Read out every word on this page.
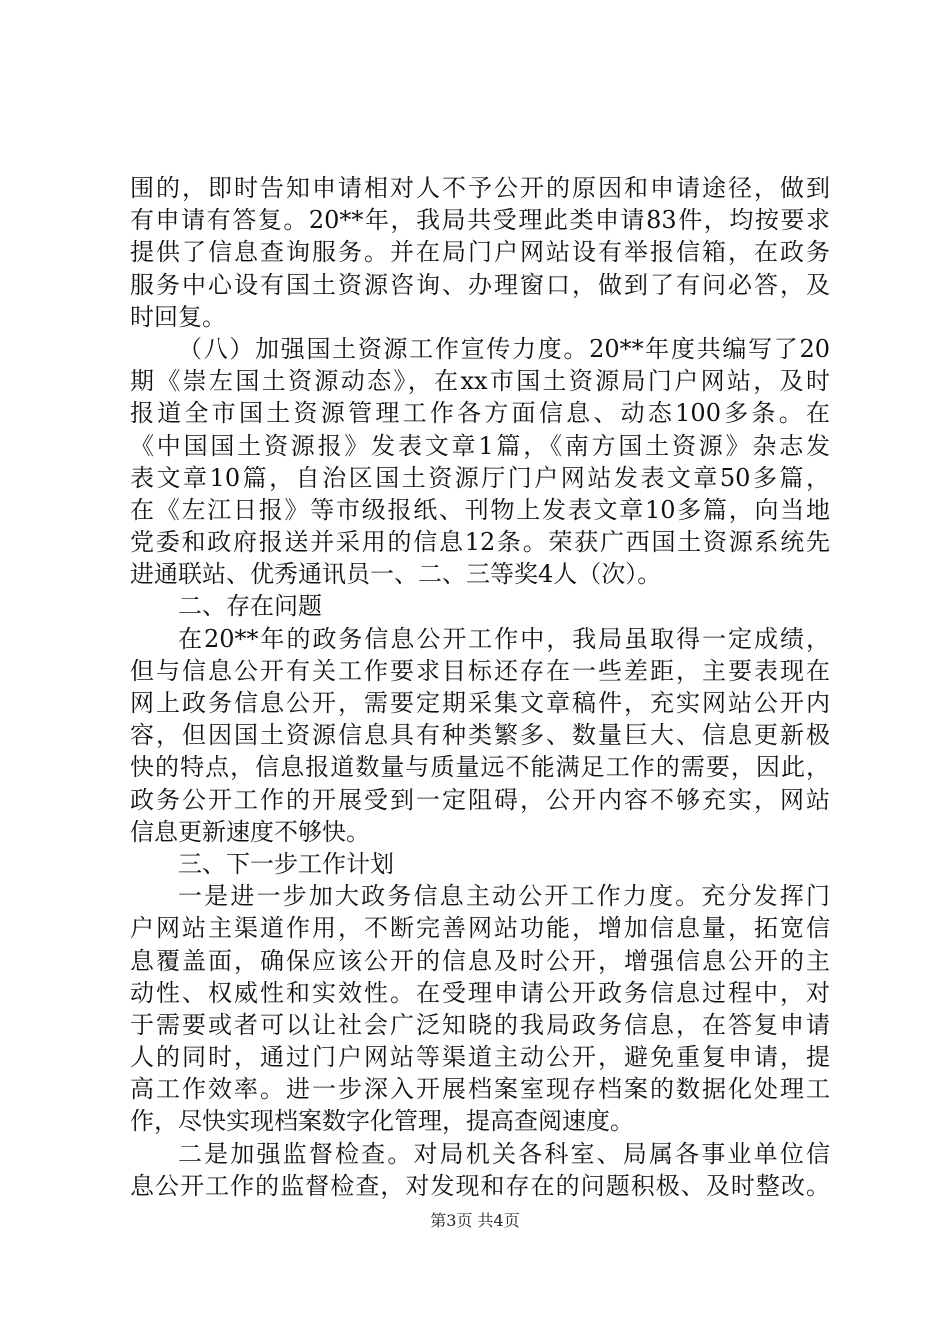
围的，即时告知申请相对人不予公开的原因和申请途径，做到
有申请有答复。20**年，我局共受理此类申请83件，均按要求
提供了信息查询服务。并在局门户网站设有举报信箱，在政务
服务中心设有国土资源咨询、办理窗口，做到了有问必答，及
时回复。
（八）加强国土资源工作宣传力度。20**年度共编写了20
期《崇左国土资源动态》，在xx市国土资源局门户网站，及时
报道全市国土资源管理工作各方面信息、动态100多条。在
《中国国土资源报》发表文章1篇，《南方国土资源》杂志发
表文章10篇，自治区国土资源厅门户网站发表文章50多篇，
在《左江日报》等市级报纸、刊物上发表文章10多篇，向当地
党委和政府报送并采用的信息12条。荣获广西国土资源系统先
进通联站、优秀通讯员一、二、三等奖4人（次）。
二、存在问题
在20**年的政务信息公开工作中，我局虽取得一定成绩，
但与信息公开有关工作要求目标还存在一些差距，主要表现在
网上政务信息公开，需要定期采集文章稿件，充实网站公开内
容，但因国土资源信息具有种类繁多、数量巨大、信息更新极
快的特点，信息报道数量与质量远不能满足工作的需要，因此，
政务公开工作的开展受到一定阻碍，公开内容不够充实，网站
信息更新速度不够快。
三、下一步工作计划
一是进一步加大政务信息主动公开工作力度。充分发挥门
户网站主渠道作用，不断完善网站功能，增加信息量，拓宽信
息覆盖面，确保应该公开的信息及时公开，增强信息公开的主
动性、权威性和实效性。在受理申请公开政务信息过程中，对
于需要或者可以让社会广泛知晓的我局政务信息，在答复申请
人的同时，通过门户网站等渠道主动公开，避免重复申请，提
高工作效率。进一步深入开展档案室现存档案的数据化处理工
作，尽快实现档案数字化管理，提高查阅速度。
二是加强监督检查。对局机关各科室、局属各事业单位信
息公开工作的监督检查，对发现和存在的问题积极、及时整改。
第3页 共4页
